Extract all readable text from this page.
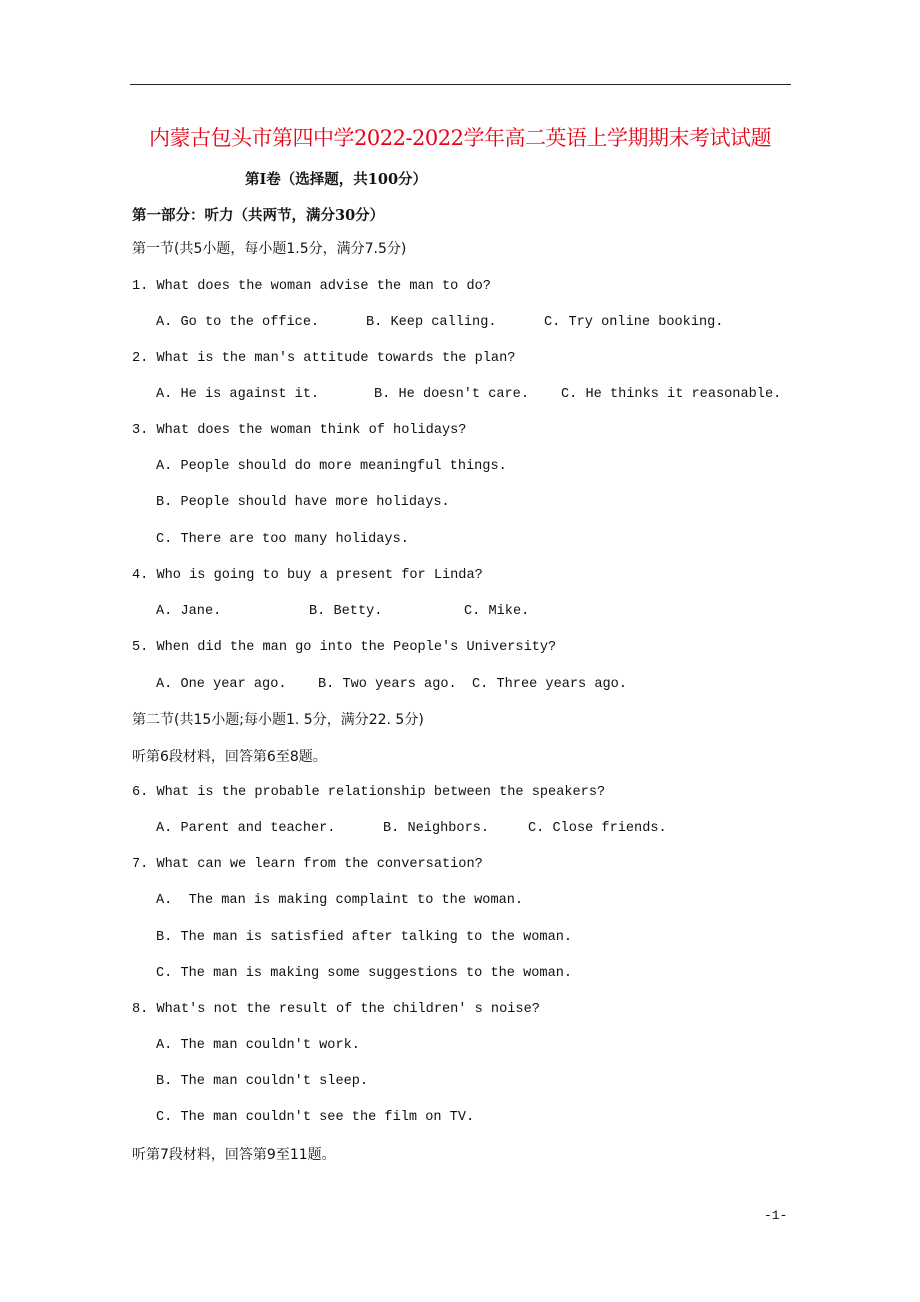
内蒙古包头市第四中学2022-2022学年高二英语上学期期末考试试题
第Ⅰ卷（选择题，共100分）
第一部分：听力（共两节，满分30分）
第一节(共5小题，每小题1.5分，满分7.5分)
1. What does the woman advise the man to do?
A. Go to the office.	B. Keep calling.	C. Try online booking.
2. What is the man's attitude towards the plan?
A. He is against it.	B. He doesn't care. C. He thinks it reasonable.
3. What does the woman think of holidays?
A. People should do more meaningful things.
B. People should have more holidays.
C. There are too many holidays.
4. Who is going to buy a present for Linda?
A. Jane.	B. Betty.	C. Mike.
5. When did the man go into the People's University?
A. One year ago. B. Two years ago. C. Three years ago.
第二节(共15小题;每小题1. 5分，满分22. 5分)
听第6段材料，回答第6至8题。
6. What is the probable relationship between the speakers?
A. Parent and teacher.	B. Neighbors.	C. Close friends.
7. What can we learn from the conversation?
A.  The man is making complaint to the woman.
B. The man is satisfied after talking to the woman.
C. The man is making some suggestions to the woman.
8. What's not the result of the children' s noise?
A. The man couldn't work.
B. The man couldn't sleep.
C. The man couldn't see the film on TV.
听第7段材料，回答第9至11题。
-1-
